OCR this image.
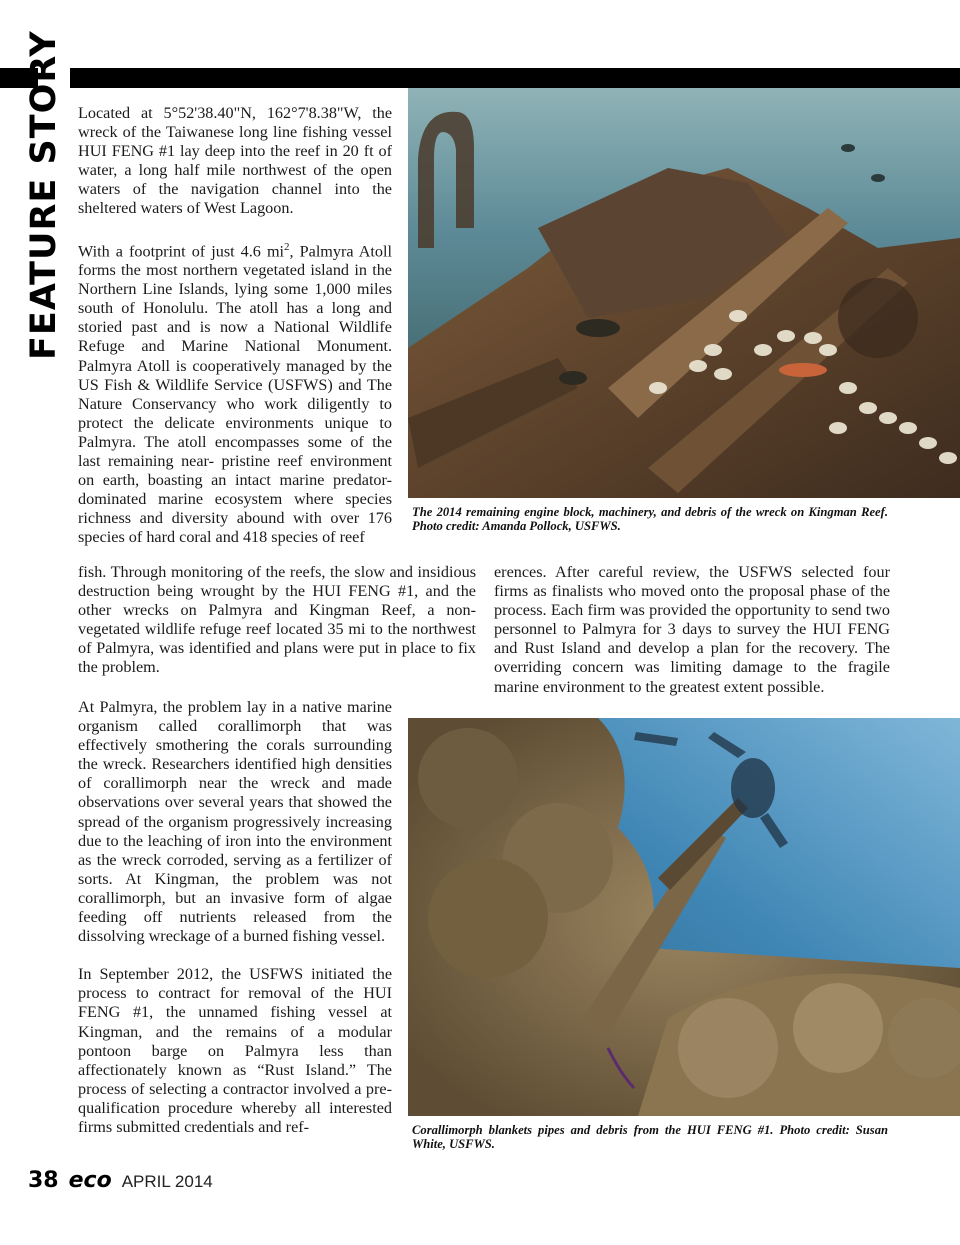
FEATURE STORY Located at 5°52'38.40"N, 162°7'8.38"W, the wreck of the Taiwanese long line fishing vessel HUI FENG #1 lay deep into the reef in 20 ft of water, a long half mile northwest of the open waters of the navigation channel into the sheltered waters of West Lagoon.

With a footprint of just 4.6 $mi^2$, Palmyra Atoll forms the most northern vegetated island in the Northern Line Islands, lying some 1,000 miles south of Honolulu. The atoll has a long and storied past and is now a National Wildlife Refuge and Marine National Monument. Palmyra Atoll is cooperatively managed by the US Fish & Wildlife Service (USFWS) and The Nature Conservancy who work diligently to protect the delicate environments unique to Palmyra. The atoll encompasses some of the last remaining near- pristine reef environment on earth, boasting an intact marine predator-dominated marine ecosystem where species richness and diversity abound with over 176 species of hard coral and 418 species of reef

fish. Through monitoring of the reefs, the slow and insidious destruction being wrought by the HUI FENG #1, and the other wrecks on Palmyra and Kingman Reef, a non-vegetated wildlife refuge reef located 35 mi to the northwest of Palmyra, was identified and plans were put in place to fix the problem.

erences. After careful review, the USFWS selected four firms as finalists who moved onto the proposal phase of the process. Each firm was provided the opportunity to send two personnel to Palmyra for 3 days to survey the HUI FENG and Rust Island and develop a plan for the recovery. The overriding concern was limiting damage to the fragile marine environment to the greatest extent possible.

At Palmyra, the problem lay in a native marine organism called corallimorph that was effectively smothering the corals surrounding the wreck. Researchers identified high densities of corallimorph near the wreck and made observations over several years that showed the spread of the organism progressively increasing due to the leaching of iron into the environment as the wreck corroded, serving as a fertilizer of sorts. At Kingman, the problem was not corallimorph, but an invasive form of algae feeding off nutrients released from the dissolving wreckage of a burned fishing vessel.

In September 2012, the USFWS initiated the process to contract for removal of the HUI FENG #1, the unnamed fishing vessel at Kingman, and the remains of a modular pontoon barge on Palmyra less than affectionately known as “Rust Island.” The process of selecting a contractor involved a pre-qualification procedure whereby all interested firms submitted credentials and ref-

The 2014 remaining engine block, machinery, and debris of the wreck on Kingman Reef. Photo credit: Amanda Pollock, USFWS.
Corallimorph blankets pipes and debris from the HUI FENG #1. Photo credit: Susan White, USFWS.
38 eco APRIL 2014
